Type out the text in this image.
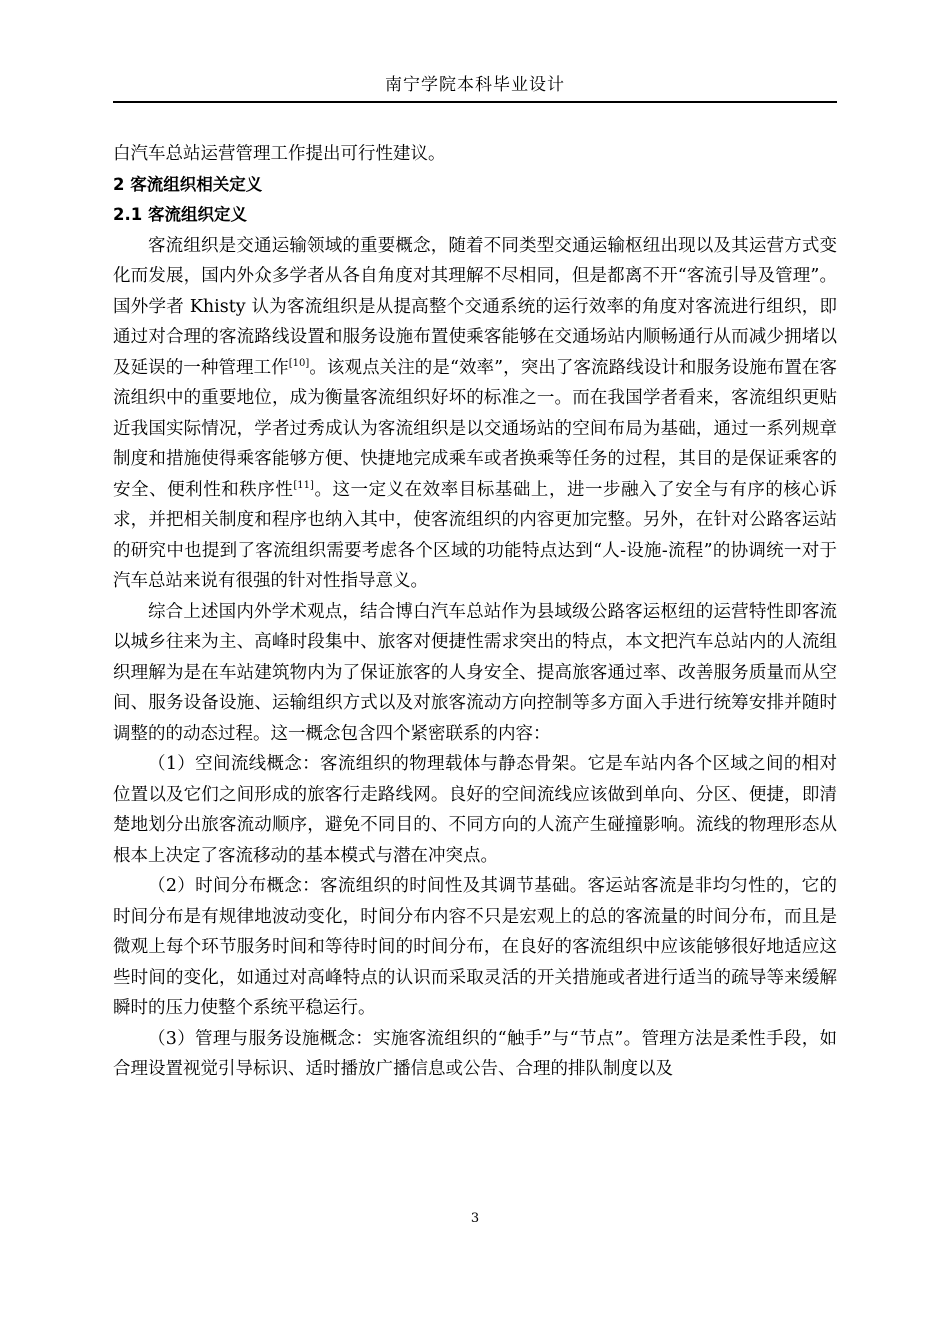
南宁学院本科毕业设计

白汽车总站运营管理工作提出可行性建议。

2 客流组织相关定义

2.1 客流组织定义

客流组织是交通运输领域的重要概念，随着不同类型交通运输枢纽出现以及其运营方式变化而发展，国内外众多学者从各自角度对其理解不尽相同，但是都离不开“客流引导及管理”。国外学者 Khisty 认为客流组织是从提高整个交通系统的运行效率的角度对客流进行组织，即通过对合理的客流路线设置和服务设施布置使乘客能够在交通场站内顺畅通行从而减少拥堵以及延误的一种管理工作[10]。该观点关注的是“效率”，突出了客流路线设计和服务设施布置在客流组织中的重要地位，成为衡量客流组织好坏的标准之一。而在我国学者看来，客流组织更贴近我国实际情况，学者过秀成认为客流组织是以交通场站的空间布局为基础，通过一系列规章制度和措施使得乘客能够方便、快捷地完成乘车或者换乘等任务的过程，其目的是保证乘客的安全、便利性和秩序性[11]。这一定义在效率目标基础上，进一步融入了安全与有序的核心诉求，并把相关制度和程序也纳入其中，使客流组织的内容更加完整。另外，在针对公路客运站的研究中也提到了客流组织需要考虑各个区域的功能特点达到“人-设施-流程”的协调统一对于汽车总站来说有很强的针对性指导意义。

综合上述国内外学术观点，结合博白汽车总站作为县域级公路客运枢纽的运营特性即客流以城乡往来为主、高峰时段集中、旅客对便捷性需求突出的特点，本文把汽车总站内的人流组织理解为是在车站建筑物内为了保证旅客的人身安全、提高旅客通过率、改善服务质量而从空间、服务设备设施、运输组织方式以及对旅客流动方向控制等多方面入手进行统筹安排并随时调整的的动态过程。这一概念包含四个紧密联系的内容：

（1）空间流线概念：客流组织的物理载体与静态骨架。它是车站内各个区域之间的相对位置以及它们之间形成的旅客行走路线网。良好的空间流线应该做到单向、分区、便捷，即清楚地划分出旅客流动顺序，避免不同目的、不同方向的人流产生碰撞影响。流线的物理形态从根本上决定了客流移动的基本模式与潜在冲突点。

（2）时间分布概念：客流组织的时间性及其调节基础。客运站客流是非均匀性的，它的时间分布是有规律地波动变化，时间分布内容不只是宏观上的总的客流量的时间分布，而且是微观上每个环节服务时间和等待时间的时间分布，在良好的客流组织中应该能够很好地适应这些时间的变化，如通过对高峰特点的认识而采取灵活的开关措施或者进行适当的疏导等来缓解瞬时的压力使整个系统平稳运行。

（3）管理与服务设施概念：实施客流组织的“触手”与“节点”。管理方法是柔性手段，如合理设置视觉引导标识、适时播放广播信息或公告、合理的排队制度以及

3
